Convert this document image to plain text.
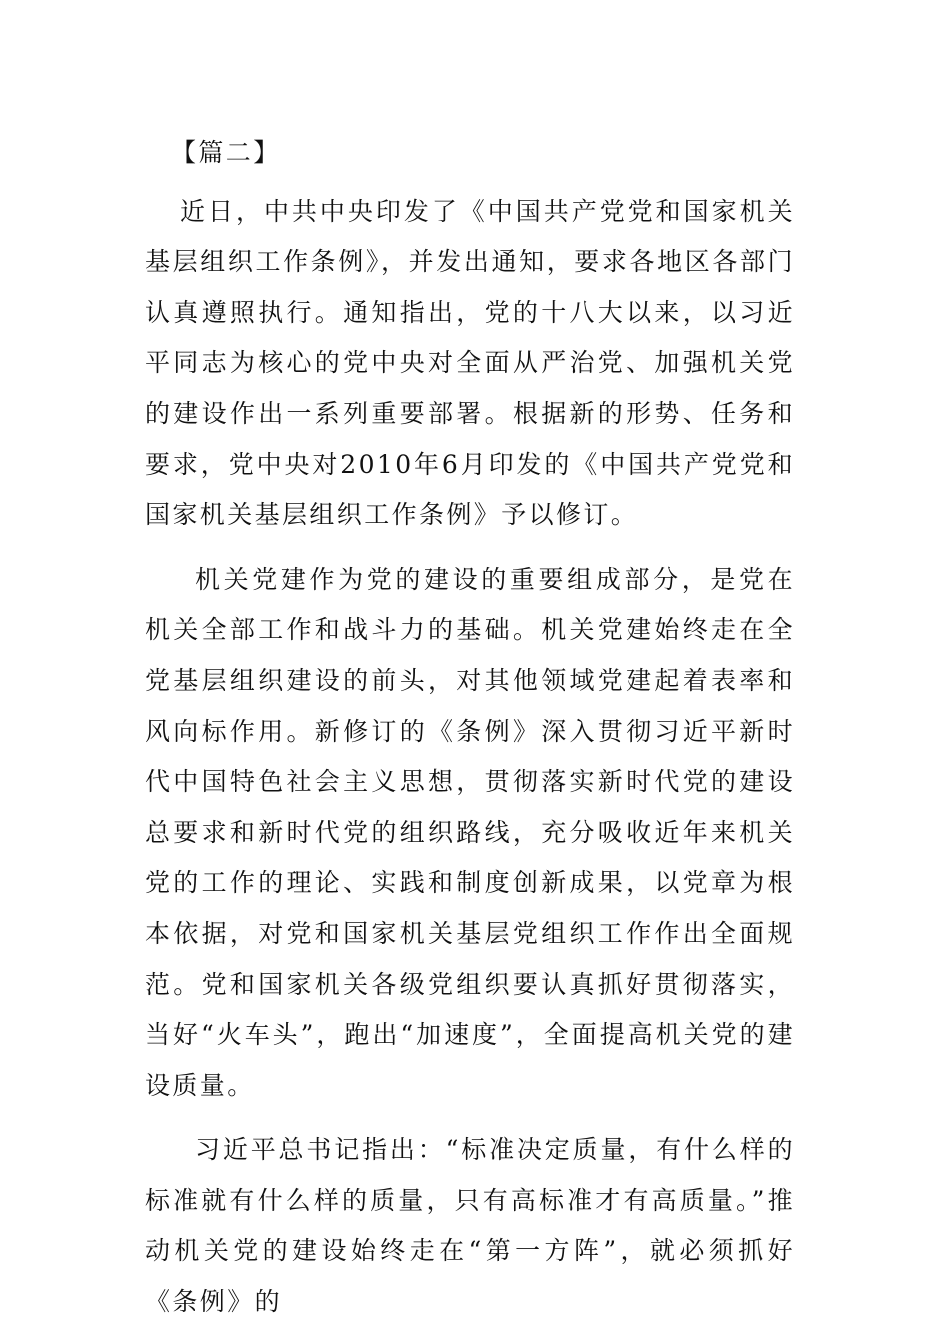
【篇二】

近日，中共中央印发了《中国共产党党和国家机关基层组织工作条例》，并发出通知，要求各地区各部门认真遵照执行。通知指出，党的十八大以来，以习近平同志为核心的党中央对全面从严治党、加强机关党的建设作出一系列重要部署。根据新的形势、任务和要求，党中央对2010年6月印发的《中国共产党党和国家机关基层组织工作条例》予以修订。

机关党建作为党的建设的重要组成部分，是党在机关全部工作和战斗力的基础。机关党建始终走在全党基层组织建设的前头，对其他领域党建起着表率和风向标作用。新修订的《条例》深入贯彻习近平新时代中国特色社会主义思想，贯彻落实新时代党的建设总要求和新时代党的组织路线，充分吸收近年来机关党的工作的理论、实践和制度创新成果，以党章为根本依据，对党和国家机关基层党组织工作作出全面规范。党和国家机关各级党组织要认真抓好贯彻落实，当好“火车头”，跑出“加速度”，全面提高机关党的建设质量。

习近平总书记指出：“标准决定质量，有什么样的标准就有什么样的质量，只有高标准才有高质量。”推动机关党的建设始终走在“第一方阵”，就必须抓好《条例》的
